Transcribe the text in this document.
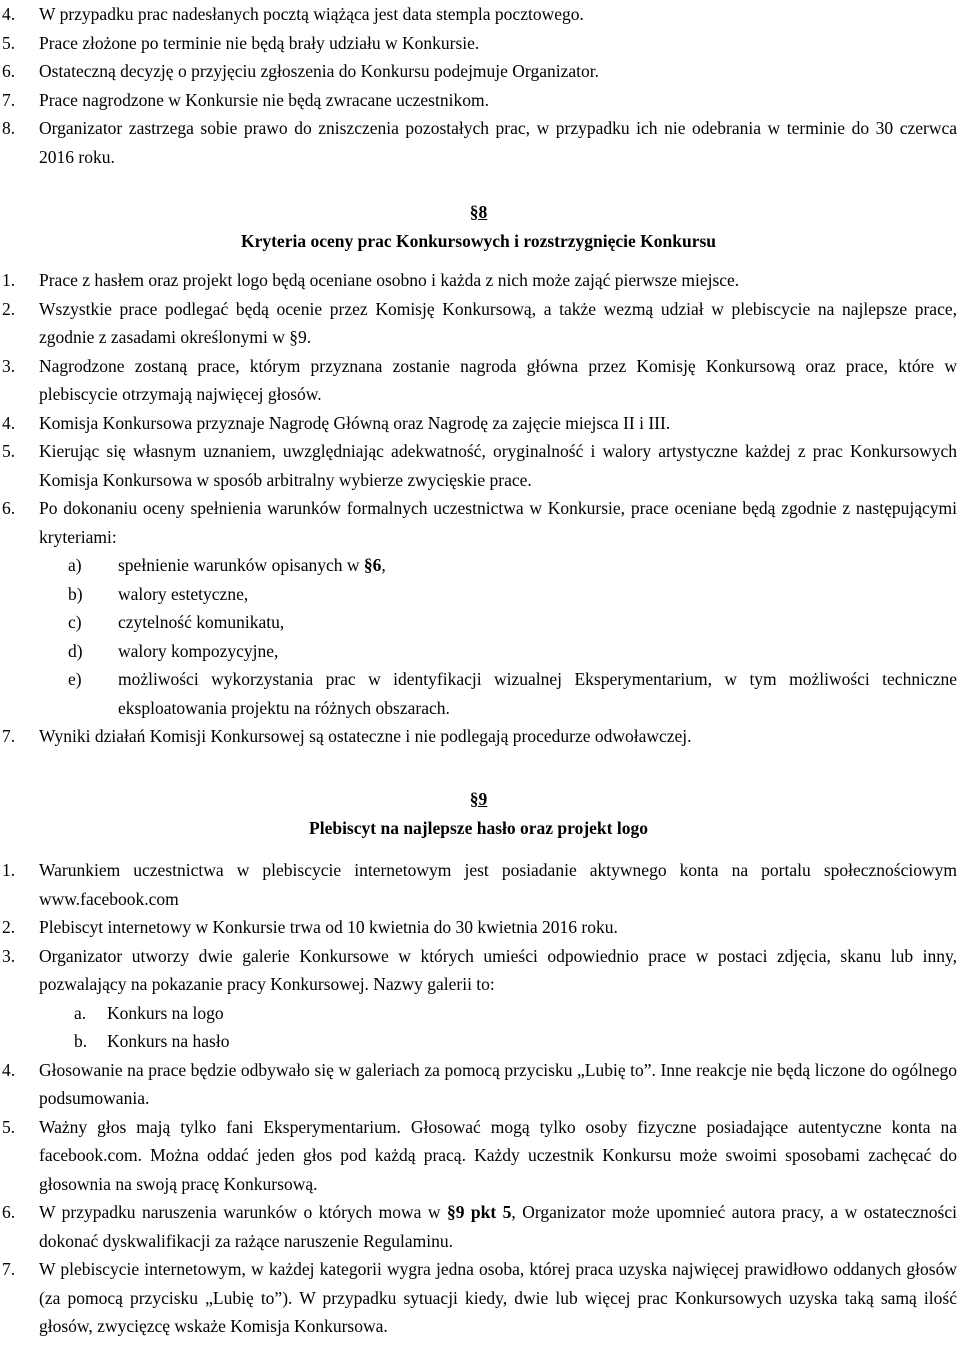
4. W przypadku prac nadesłanych pocztą wiążąca jest data stempla pocztowego.
5. Prace złożone po terminie nie będą brały udziału w Konkursie.
6. Ostateczną decyzję o przyjęciu zgłoszenia do Konkursu podejmuje Organizator.
7. Prace nagrodzone w Konkursie nie będą zwracane uczestnikom.
8. Organizator zastrzega sobie prawo do zniszczenia pozostałych prac, w przypadku ich nie odebrania w terminie do 30 czerwca 2016 roku.
§8
Kryteria oceny prac Konkursowych i rozstrzygnięcie Konkursu
1. Prace z hasłem oraz projekt logo będą oceniane osobno i każda z nich może zająć pierwsze miejsce.
2. Wszystkie prace podlegać będą ocenie przez Komisję Konkursową, a także wezmą udział w plebiscycie na najlepsze prace, zgodnie z zasadami określonymi w §9.
3. Nagrodzone zostaną prace, którym przyznana zostanie nagroda główna przez Komisję Konkursową oraz prace, które w plebiscycie otrzymają najwięcej głosów.
4. Komisja Konkursowa przyznaje Nagrodę Główną oraz Nagrodę za zajęcie miejsca II i III.
5. Kierując się własnym uznaniem, uwzględniając adekwatność, oryginalność i walory artystyczne każdej z prac Konkursowych Komisja Konkursowa w sposób arbitralny wybierze zwycięskie prace.
6. Po dokonaniu oceny spełnienia warunków formalnych uczestnictwa w Konkursie, prace oceniane będą zgodnie z następującymi kryteriami:
a) spełnienie warunków opisanych w §6,
b) walory estetyczne,
c) czytelność komunikatu,
d) walory kompozycyjne,
e) możliwości wykorzystania prac w identyfikacji wizualnej Eksperymentarium, w tym możliwości techniczne eksploatowania projektu na różnych obszarach.
7. Wyniki działań Komisji Konkursowej są ostateczne i nie podlegają procedurze odwoławczej.
§9
Plebiscyt na najlepsze hasło oraz projekt logo
1. Warunkiem uczestnictwa w plebiscycie internetowym jest posiadanie aktywnego konta na portalu społecznościowym www.facebook.com
2. Plebiscyt internetowy w Konkursie trwa od 10 kwietnia do 30 kwietnia 2016 roku.
3. Organizator utworzy dwie galerie Konkursowe w których umieści odpowiednio prace w postaci zdjęcia, skanu lub inny, pozwalający na pokazanie pracy Konkursowej. Nazwy galerii to:
a. Konkurs na logo
b. Konkurs na hasło
4. Głosowanie na prace będzie odbywało się w galeriach za pomocą przycisku „Lubię to”. Inne reakcje nie będą liczone do ogólnego podsumowania.
5. Ważny głos mają tylko fani Eksperymentarium. Głosować mogą tylko osoby fizyczne posiadające autentyczne konta na facebook.com. Można oddać jeden głos pod każdą pracą. Każdy uczestnik Konkursu może swoimi sposobami zachęcać do głosownia na swoją pracę Konkursową.
6. W przypadku naruszenia warunków o których mowa w §9 pkt 5, Organizator może upomnieć autora pracy, a w ostateczności dokonać dyskwalifikacji za rażące naruszenie Regulaminu.
7. W plebiscycie internetowym, w każdej kategorii wygra jedna osoba, której praca uzyska najwięcej prawidłowo oddanych głosów (za pomocą przycisku „Lubię to”). W przypadku sytuacji kiedy, dwie lub więcej prac Konkursowych uzyska taką samą ilość głosów, zwycięzcę wskaże Komisja Konkursowa.
